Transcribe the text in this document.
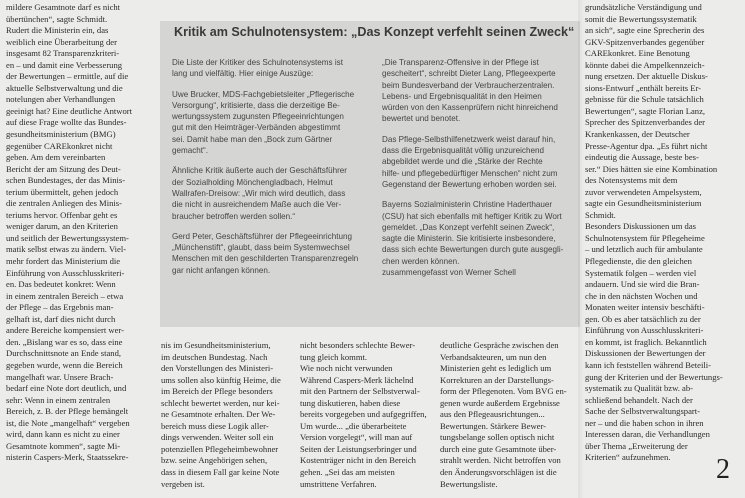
mildere Gesamtnote darf es nicht
übertünchen“, sagte Schmidt.
Rudert die Ministerin ein, das
weiblich eine Überarbeitung der
insgesamt 82 Transparenzkriteri-
en – und damit eine Verbesserung
der Bewertungen – ermittle, auf die
aktuelle Selbstverwaltung und die
notelungen aber Verhandlungen
geeinigt hat? Eine deutliche Antwort
auf diese Frage wollte das Bundes-
gesundheitsministerium (BMG)
gegenüber CAREkonkret nicht
geben. Am dem vereinbarten
Bericht der am Sitzung des Deut-
schen Bundestages, der das Minis-
terium übermittelt, gehen jedoch
die zentralen Anliegen des Minis-
teriums hervor. Offenbar geht es
weniger darum, an den Kriterien
und seitlich der Bewertungssystem-
matik selbst etwas zu ändern. Viel-
mehr fordert das Ministerium die
Einführung von Ausschlusskriteri-
en. Das bedeutet konkret: Wenn
in einem zentralen Bereich – etwa
der Pflege – das Ergebnis man-
gelhaft ist, darf dies nicht durch
andere Bereiche kompensiert wer-
den. „Bislang war es so, dass eine
Durchschnittsnote an Ende stand,
gegeben wurde, wenn die Bereich
mangelhaft war. Unsere Brach-
bedarf eine Note dort deutlich, und
sehr: Wenn in einem zentralen
Bereich, z. B. der Pflege bemängelt
ist, die Note „mangelhaft“ vergeben
wird, dann kann es nicht zu einer
Gesamtnote kommen“, sagte Mi-
nisterin Caspers-Merk, Staatssekre-
Kritik am Schulnotensystem: „Das Konzept verfehlt seinen Zweck“
Die Liste der Kritiker des Schulnotensystems ist
lang und vielfältig. Hier einige Auszüge:
Uwe Brucker, MDS-Fachgebietsleiter „Pflegerische
Versorgung“, kritisierte, dass die derzeitige Be-
wertungssystem zugunsten Pflegeeinrichtungen
gut mit den Heimträger-Verbänden abgestimmt
sei. Damit habe man den „Bock zum Gärtner
gemacht“.
Ähnliche Kritik äußerte auch der Geschäftsführer
der Sozialholding Mönchengladbach, Helmut
Wallrafen-Dreisow: „Wir mich wird deutlich, dass
die nicht in ausreichendem Maße auch die Ver-
braucher betroffen werden sollen.“
Gerd Peter, Geschäftsführer der Pflegeeinrichtung
„Münchenstift“, glaubt, dass beim Systemwechsel
Menschen mit den geschilderten Transparenzregeln
gar nicht anfangen können.
„Die Transparenz-Offensive in der Pflege ist
gescheitert“, schreibt Dieter Lang, Pflegeexperte
beim Bundesverband der Verbraucherzentralen.
Lebens- und Ergebnisqualität in den Heimen
würden von den Kassenprüfern nicht hinreichend
bewertet und benotet.
Das Pflege-Selbsthilfenetzwerk weist darauf hin,
dass die Ergebnisqualität völlig unzureichend
abgebildet werde und die „Stärke der Rechte
hilfe- und pflegebedürftiger Menschen“ nicht zum
Gegenstand der Bewertung erhoben worden sei.
Bayerns Sozialministerin Christine Haderthauer
(CSU) hat sich ebenfalls mit heftiger Kritik zu Wort
gemeldet. „Das Konzept verfehlt seinen Zweck“,
sagte die Ministerin. Sie kritisierte insbesondere,
dass sich echte Bewertungen durch gute ausgegli-
chen werden können.
zusammengefasst von Werner Schell
nis im Gesundheitsministerium,
im deutschen Bundestag. Nach
den Vorstellungen des Ministeri-
ums sollen also künftig Heime, die
im Bereich der Pflege besonders
schlecht bewertet werden, nur kei-
ne Gesamtnote erhalten. Der We-
bereich muss diese Logik aller-
dings verwenden. Weiter soll ein
potenziellen Pflegeheimbewohner
bzw. seine Angehörigen sehen,
dass in diesem Fall gar keine Note
vergeben ist.
nicht besonders schlechte Bewer-
tung gleich kommt.
Wie noch nicht verwunden
Während Caspers-Merk lächelnd
mit den Partnern der Selbstverwal-
tung diskutieren, haben diese
bereits vorgegeben und aufgegriffen,
Um wurde... „die überarbeitete
Version vorgelegt“, will man auf
Seiten der Leistungserbringer und
Kostenträger nicht in den Bereich
gehen. „Sei das am meisten
umstrittene Verfahren.
deutliche Gespräche zwischen den
Verbandsakteuren, um nun den
Ministerien geht es lediglich um
Korrekturen an der Darstellungs-
form der Pflegenoten. Vom BVG en-
genen wurde außerdem Ergebnisse
aus den Pflegeausrichtungen...
Bewertungen. Stärkere Bewer-
tungsbelange sollen optisch nicht
durch eine gute Gesamtnote über-
strahlt werden. Nicht betroffen von
den Änderungsvorschlägen ist die
Bewertungsliste.
grundsätzliche Verständigung und
somit die Bewertungssystematik
an sich“, sagte eine Sprecherin des
GKV-Spitzenverbandes gegenüber
CAREkonkret. Eine Benotung
könnte dabei die Ampelkennzeich-
nung ersetzen. Der aktuelle Diskus-
sions-Entwurf „enthält bereits Er-
gebnisse für die Schule tatsächlich
Bewertungen“, sagte Florian Lanz,
Sprecher des Spitzenverbandes der
Krankenkassen, der Deutscher
Presse-Agentur dpa. „Es führt nicht
eindeutig die Aussage, beste bes-
ser.“ Dies hätten sie eine Kombination
des Notensystems mit dem
zuvor verwendeten Ampelsystem,
sagte ein Gesundheitsministerium
Schmidt.
Besonders Diskussionen um das
Schulnotensystem für Pflegeheime
– und letztlich auch für ambulante
Pflegedienste, die den gleichen
Systematik folgen – werden viel
andauern. Und sie wird die Bran-
che in den nächsten Wochen und
Monaten weiter intensiv beschäfti-
gen. Ob es aber tatsächlich zu der
Einführung von Ausschlusskriteri-
en kommt, ist fraglich. Bekanntlich
Diskussionen der Bewertungen der
kann ich feststellen während Beteili-
gung der Kriterien und der Bewertungs-
systematik zu Qualität bzw. ab-
schließend behandelt. Nach der
Sache der Selbstverwaltungspart-
ner – und die haben schon in ihren
Interessen daran, die Verhandlungen
über Thema „Erweiterung der
Kriterien“ aufzunehmen.	2
